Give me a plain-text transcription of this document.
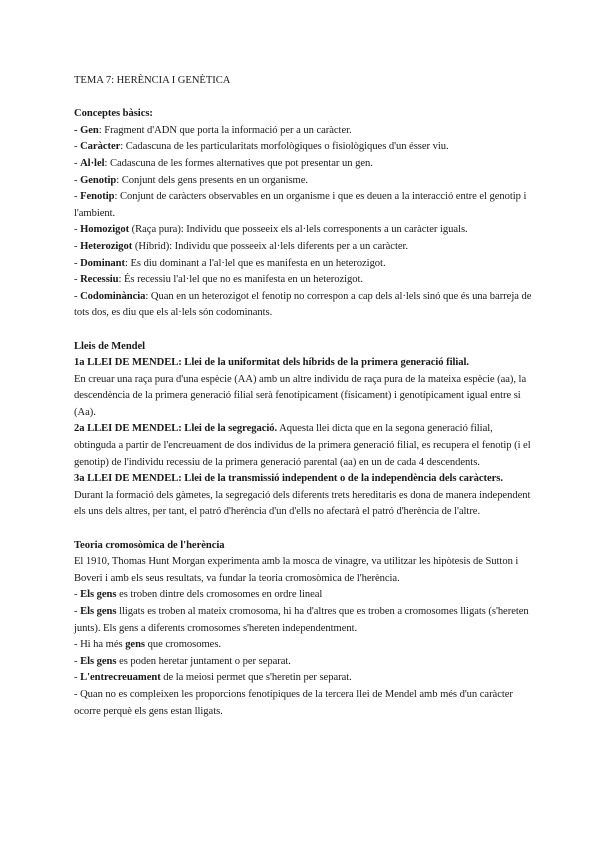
TEMA 7: HERÈNCIA I GENÈTICA

Conceptes bàsics:

- Gen: Fragment d'ADN que porta la informació per a un caràcter.

- Caràcter: Cadascuna de les particularitats morfològiques o fisiològiques d'un ésser viu.

- Al·lel: Cadascuna de les formes alternatives que pot presentar un gen.

- Genotip: Conjunt dels gens presents en un organisme.

- Fenotip: Conjunt de caràcters observables en un organisme i que es deuen a la interacció entre el genotip i l'ambient.

- Homozigot (Raça pura): Individu que posseeix els al·lels corresponents a un caràcter iguals.

- Heterozigot (Híbrid): Individu que posseeix al·lels diferents per a un caràcter.

- Dominant: Es diu dominant a l'al·lel que es manifesta en un heterozigot.

- Recessiu: És recessiu l'al·lel que no es manifesta en un heterozigot.

- Codominància: Quan en un heterozigot el fenotip no correspon a cap dels al·lels sinó que és una barreja de tots dos, es diu que els al·lels són codominants.

Lleis de Mendel

1a LLEI DE MENDEL: Llei de la uniformitat dels híbrids de la primera generació filial.

En creuar una raça pura d'una espècie (AA) amb un altre individu de raça pura de la mateixa espècie (aa), la descendència de la primera generació filial serà fenotípicament (físicament) i genotípicament igual entre si (Aa).

2a LLEI DE MENDEL: Llei de la segregació. Aquesta llei dicta que en la segona generació filial, obtinguda a partir de l'encreuament de dos individus de la primera generació filial, es recupera el fenotip (i el genotip) de l'individu recessiu de la primera generació parental (aa) en un de cada 4 descendents.

3a LLEI DE MENDEL: Llei de la transmissió independent o de la independència dels caràcters.

Durant la formació dels gàmetes, la segregació dels diferents trets hereditaris es dona de manera independent els uns dels altres, per tant, el patró d'herència d'un d'ells no afectarà el patró d'herència de l'altre.

Teoria cromosòmica de l'herència

El 1910, Thomas Hunt Morgan experimenta amb la mosca de vinagre, va utilitzar les hipòtesis de Sutton i Boveri i amb els seus resultats, va fundar la teoria cromosòmica de l'herència.

- Els gens es troben dintre dels cromosomes en ordre lineal

- Els gens lligats es troben al mateix cromosoma, hi ha d'altres que es troben a cromosomes lligats (s'hereten junts). Els gens a diferents cromosomes s'hereten independentment.

- Hi ha més gens que cromosomes.

- Els gens es poden heretar juntament o per separat.

- L'entrecreuament de la meiosi permet que s'heretin per separat.

- Quan no es compleixen les proporcions fenotípiques de la tercera llei de Mendel amb més d'un caràcter ocorre perquè els gens estan lligats.
